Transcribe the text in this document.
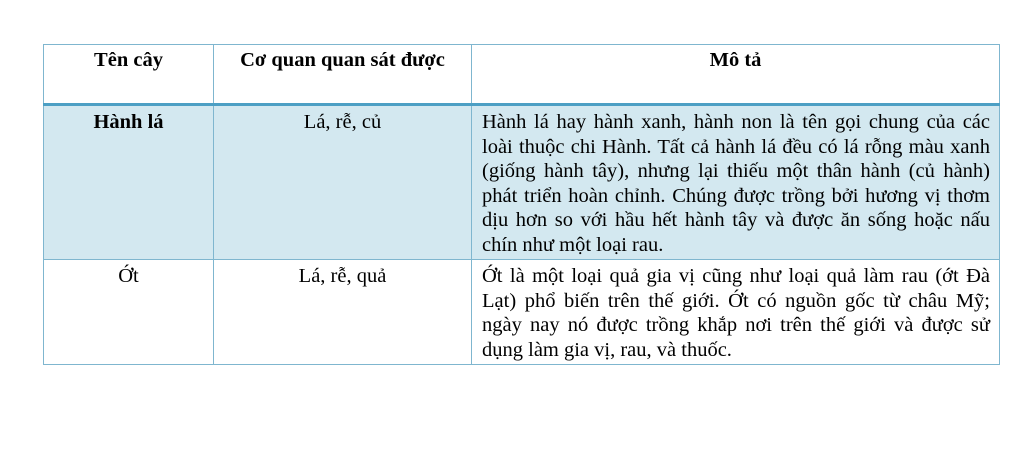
Tên cây	Cơ quan quan sát được	Mô tả
Hành lá	Lá, rễ, củ	Hành lá hay hành xanh, hành non là tên gọi chung của các loài thuộc chi Hành. Tất cả hành lá đều có lá rỗng màu xanh (giống hành tây), nhưng lại thiếu một thân hành (củ hành) phát triển hoàn chỉnh. Chúng được trồng bởi hương vị thơm dịu hơn so với hầu hết hành tây và được ăn sống hoặc nấu chín như một loại rau.
Ớt	Lá, rễ, quả	Ớt là một loại quả gia vị cũng như loại quả làm rau (ớt Đà Lạt) phổ biến trên thế giới. Ớt có nguồn gốc từ châu Mỹ; ngày nay nó được trồng khắp nơi trên thế giới và được sử dụng làm gia vị, rau, và thuốc.
